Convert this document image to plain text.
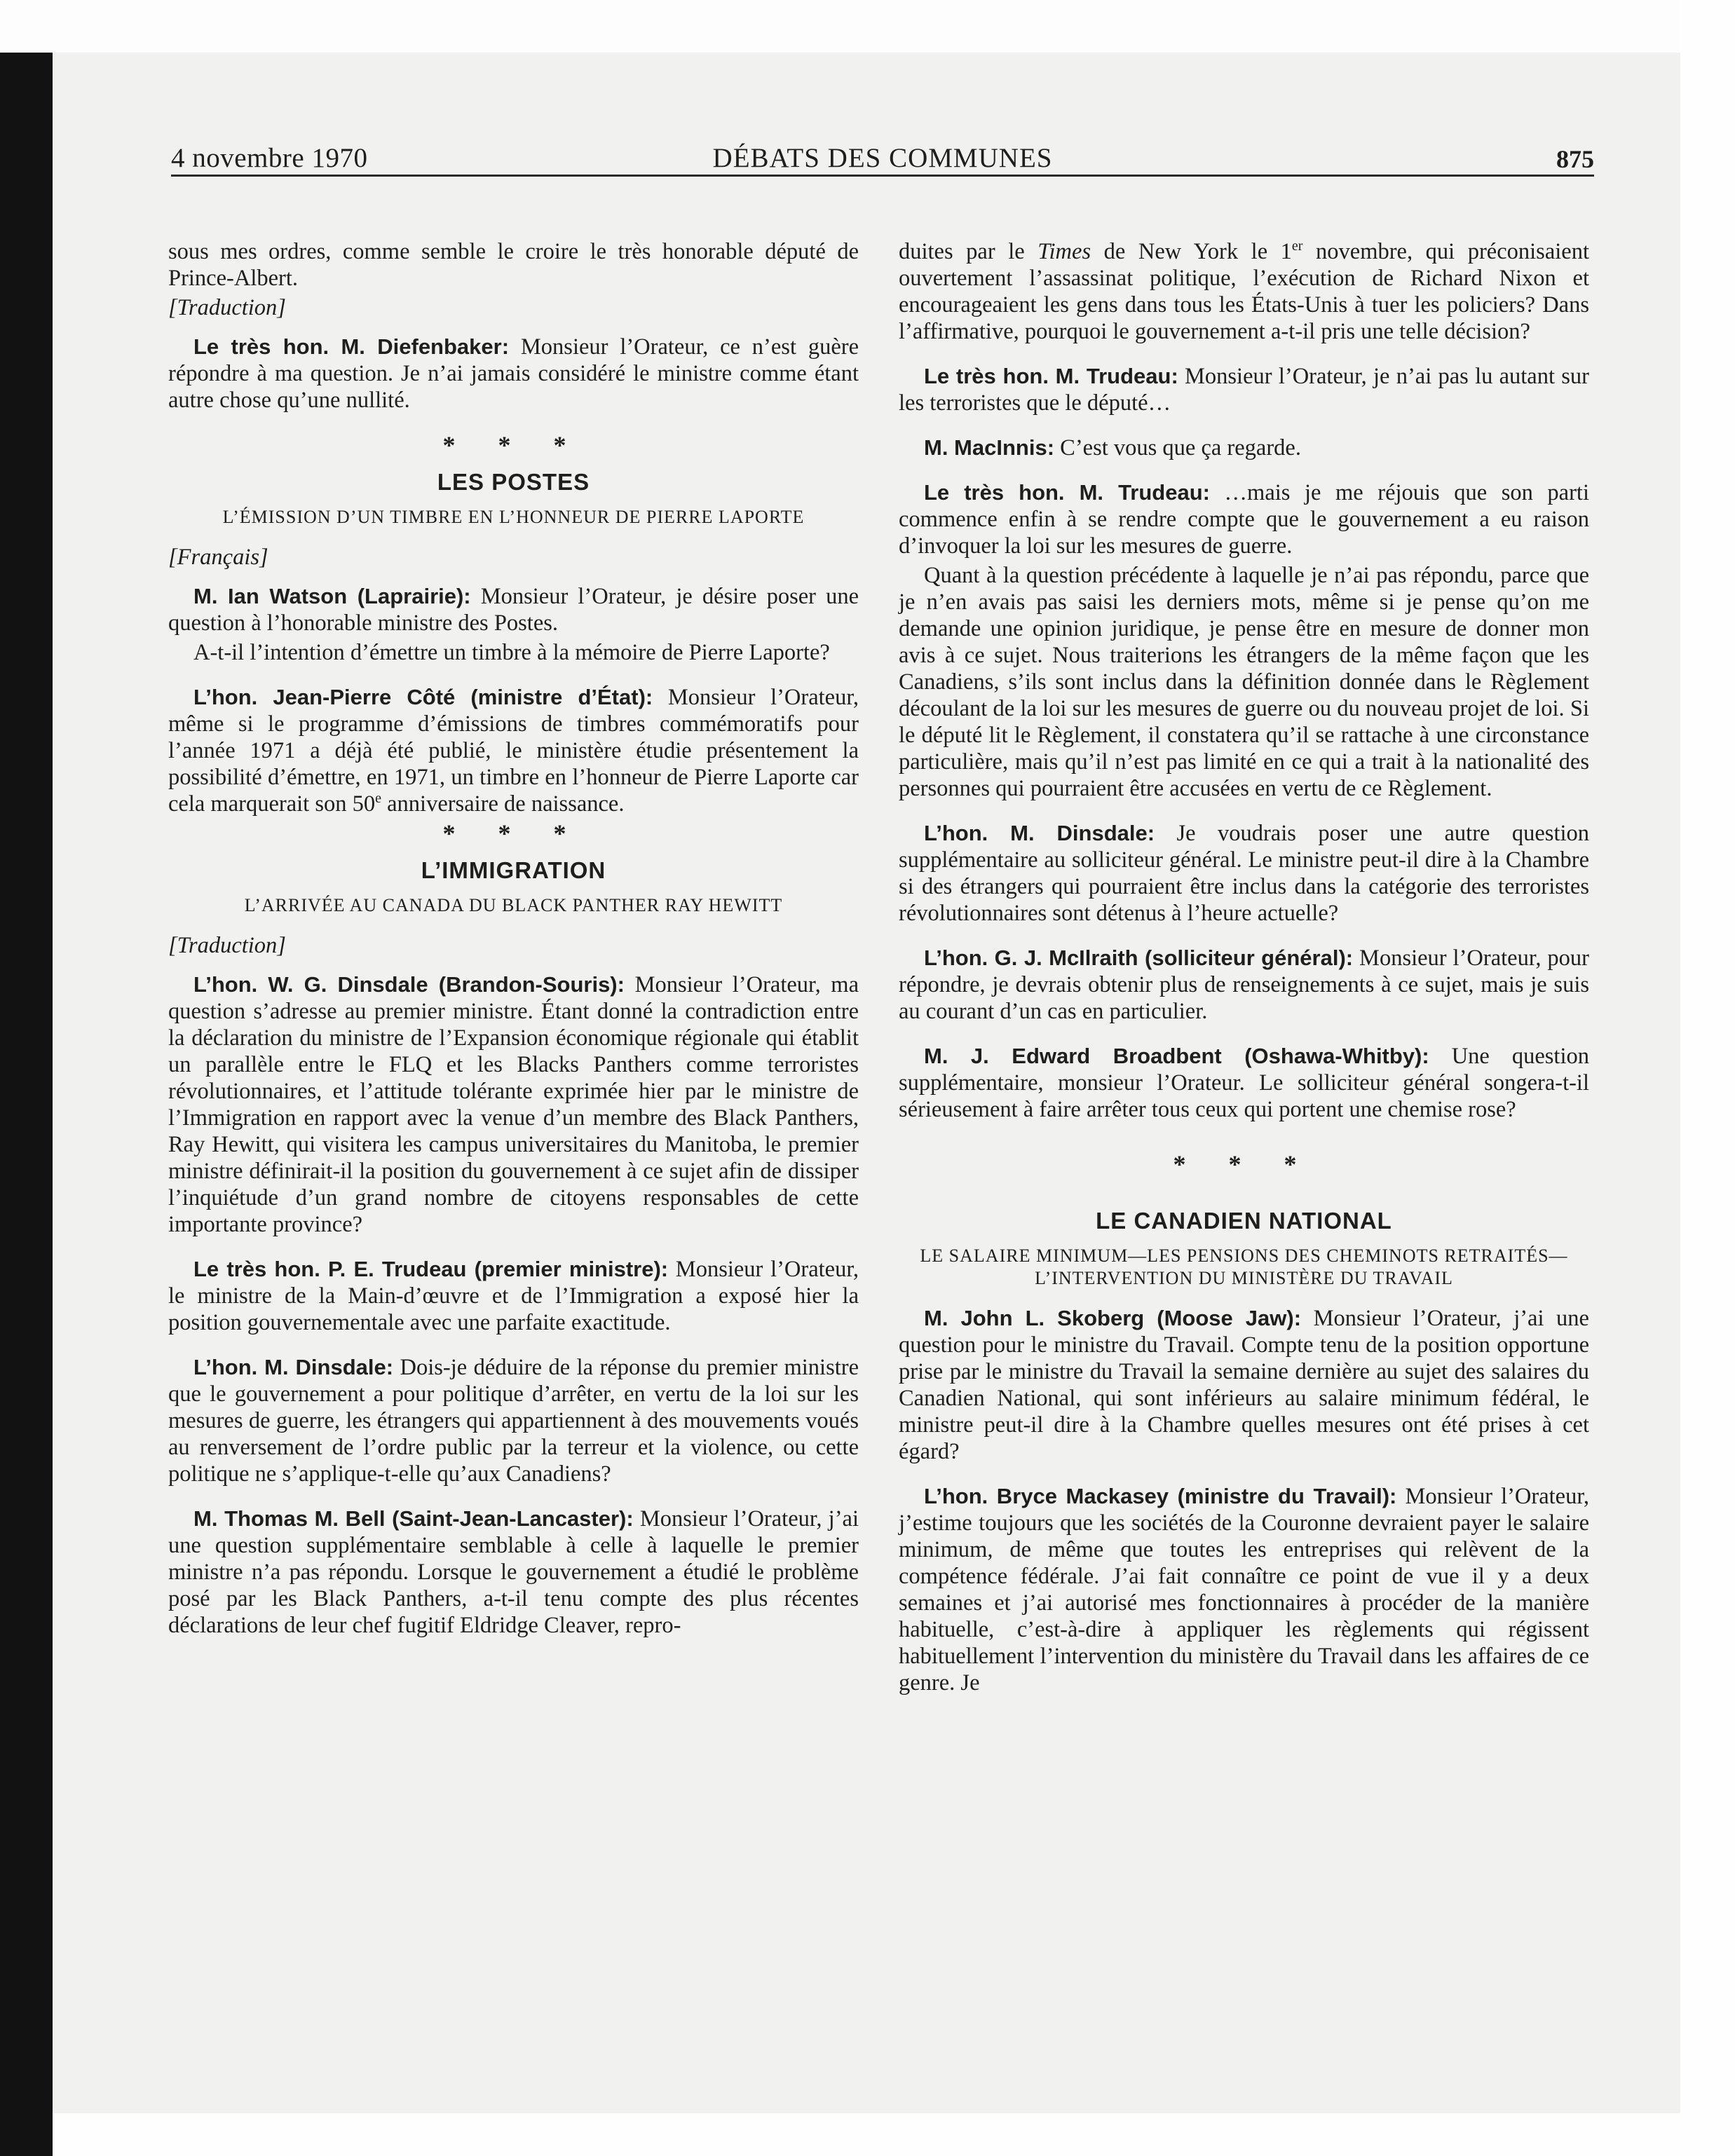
4 novembre 1970	DÉBATS DES COMMUNES	875

sous mes ordres, comme semble le croire le très honorable député de Prince-Albert.

[Traduction]

Le très hon. M. Diefenbaker: Monsieur l’Orateur, ce n’est guère répondre à ma question. Je n’ai jamais considéré le ministre comme étant autre chose qu’une nullité.

* * *
LES POSTES
L’ÉMISSION D’UN TIMBRE EN L’HONNEUR DE PIERRE LAPORTE
[Français]

M. Ian Watson (Laprairie): Monsieur l’Orateur, je désire poser une question à l’honorable ministre des Postes.

A-t-il l’intention d’émettre un timbre à la mémoire de Pierre Laporte?

L’hon. Jean-Pierre Côté (ministre d’État): Monsieur l’Orateur, même si le programme d’émissions de timbres commémoratifs pour l’année 1971 a déjà été publié, le ministère étudie présentement la possibilité d’émettre, en 1971, un timbre en l’honneur de Pierre Laporte car cela marquerait son 50e anniversaire de naissance.

* * *
L’IMMIGRATION
L’ARRIVÉE AU CANADA DU BLACK PANTHER RAY HEWITT
[Traduction]

L’hon. W. G. Dinsdale (Brandon-Souris): Monsieur l’Orateur, ma question s’adresse au premier ministre. Étant donné la contradiction entre la déclaration du ministre de l’Expansion économique régionale qui établit un parallèle entre le FLQ et les Blacks Panthers comme terroristes révolutionnaires, et l’attitude tolérante exprimée hier par le ministre de l’Immigration en rapport avec la venue d’un membre des Black Panthers, Ray Hewitt, qui visitera les campus universitaires du Manitoba, le premier ministre définirait-il la position du gouvernement à ce sujet afin de dissiper l’inquiétude d’un grand nombre de citoyens responsables de cette importante province?

Le très hon. P. E. Trudeau (premier ministre): Monsieur l’Orateur, le ministre de la Main-d’œuvre et de l’Immigration a exposé hier la position gouvernementale avec une parfaite exactitude.

L’hon. M. Dinsdale: Dois-je déduire de la réponse du premier ministre que le gouvernement a pour politique d’arrêter, en vertu de la loi sur les mesures de guerre, les étrangers qui appartiennent à des mouvements voués au renversement de l’ordre public par la terreur et la violence, ou cette politique ne s’applique-t-elle qu’aux Canadiens?

M. Thomas M. Bell (Saint-Jean-Lancaster): Monsieur l’Orateur, j’ai une question supplémentaire semblable à celle à laquelle le premier ministre n’a pas répondu. Lorsque le gouvernement a étudié le problème posé par les Black Panthers, a-t-il tenu compte des plus récentes déclarations de leur chef fugitif Eldridge Cleaver, repro-

duites par le Times de New York le 1er novembre, qui préconisaient ouvertement l’assassinat politique, l’exécution de Richard Nixon et encourageaient les gens dans tous les États-Unis à tuer les policiers? Dans l’affirmative, pourquoi le gouvernement a-t-il pris une telle décision?

Le très hon. M. Trudeau: Monsieur l’Orateur, je n’ai pas lu autant sur les terroristes que le député…

M. MacInnis: C’est vous que ça regarde.

Le très hon. M. Trudeau: …mais je me réjouis que son parti commence enfin à se rendre compte que le gouvernement a eu raison d’invoquer la loi sur les mesures de guerre.

Quant à la question précédente à laquelle je n’ai pas répondu, parce que je n’en avais pas saisi les derniers mots, même si je pense qu’on me demande une opinion juridique, je pense être en mesure de donner mon avis à ce sujet. Nous traiterions les étrangers de la même façon que les Canadiens, s’ils sont inclus dans la définition donnée dans le Règlement découlant de la loi sur les mesures de guerre ou du nouveau projet de loi. Si le député lit le Règlement, il constatera qu’il se rattache à une circonstance particulière, mais qu’il n’est pas limité en ce qui a trait à la nationalité des personnes qui pourraient être accusées en vertu de ce Règlement.

L’hon. M. Dinsdale: Je voudrais poser une autre question supplémentaire au solliciteur général. Le ministre peut-il dire à la Chambre si des étrangers qui pourraient être inclus dans la catégorie des terroristes révolutionnaires sont détenus à l’heure actuelle?

L’hon. G. J. McIlraith (solliciteur général): Monsieur l’Orateur, pour répondre, je devrais obtenir plus de renseignements à ce sujet, mais je suis au courant d’un cas en particulier.

M. J. Edward Broadbent (Oshawa-Whitby): Une question supplémentaire, monsieur l’Orateur. Le solliciteur général songera-t-il sérieusement à faire arrêter tous ceux qui portent une chemise rose?

* * *
LE CANADIEN NATIONAL
LE SALAIRE MINIMUM—LES PENSIONS DES CHEMINOTS RETRAITÉS—L’INTERVENTION DU MINISTÈRE DU TRAVAIL

M. John L. Skoberg (Moose Jaw): Monsieur l’Orateur, j’ai une question pour le ministre du Travail. Compte tenu de la position opportune prise par le ministre du Travail la semaine dernière au sujet des salaires du Canadien National, qui sont inférieurs au salaire minimum fédéral, le ministre peut-il dire à la Chambre quelles mesures ont été prises à cet égard?

L’hon. Bryce Mackasey (ministre du Travail): Monsieur l’Orateur, j’estime toujours que les sociétés de la Couronne devraient payer le salaire minimum, de même que toutes les entreprises qui relèvent de la compétence fédérale. J’ai fait connaître ce point de vue il y a deux semaines et j’ai autorisé mes fonctionnaires à procéder de la manière habituelle, c’est-à-dire à appliquer les règlements qui régissent habituellement l’intervention du ministère du Travail dans les affaires de ce genre. Je
